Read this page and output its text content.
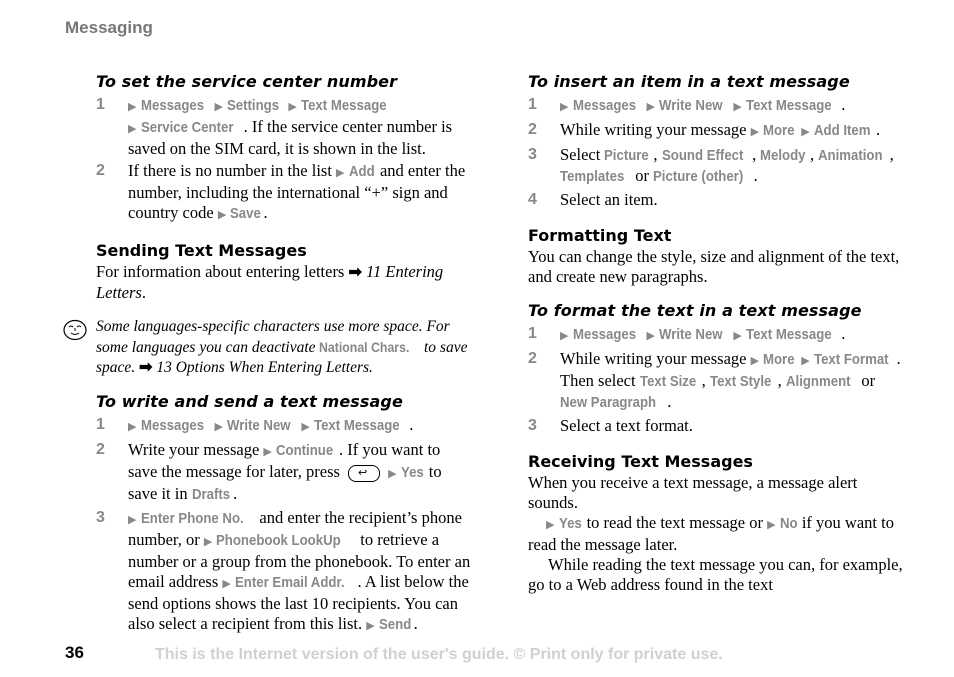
Messaging
To set the service center number
1 ▶ Messages ▶ Settings ▶ Text Message
▶ Service Center . If the service center number is saved on the SIM card, it is shown in the list.
2 If there is no number in the list ▶ Add and enter the number, including the international “+” sign and country code ▶ Save .
Sending Text Messages
For information about entering letters ➡ 11 Entering Letters.
Some languages-specific characters use more space. For some languages you can deactivate National Chars. to save space. ➡ 13 Options When Entering Letters.
To write and send a text message
1 ▶ Messages ▶ Write New ▶ Text Message .
2 Write your message ▶ Continue . If you want to save the message for later, press ↩ ▶ Yes to save it in Drafts .
3 ▶ Enter Phone No. and enter the recipient’s phone number, or ▶ Phonebook LookUp to retrieve a number or a group from the phonebook. To enter an email address ▶ Enter Email Addr. . A list below the send options shows the last 10 recipients. You can also select a recipient from this list. ▶ Send .
To insert an item in a text message
1 ▶ Messages ▶ Write New ▶ Text Message .
2 While writing your message ▶ More ▶ Add Item .
3 Select Picture , Sound Effect , Melody , Animation , Templates or Picture (other) .
4 Select an item.
Formatting Text
You can change the style, size and alignment of the text, and create new paragraphs.
To format the text in a text message
1 ▶ Messages ▶ Write New ▶ Text Message .
2 While writing your message ▶ More ▶ Text Format . Then select Text Size , Text Style , Alignment or New Paragraph .
3 Select a text format.
Receiving Text Messages
When you receive a text message, a message alert sounds.
▶ Yes to read the text message or ▶ No if you want to read the message later.
While reading the text message you can, for example, go to a Web address found in the text
36	This is the Internet version of the user's guide. © Print only for private use.
